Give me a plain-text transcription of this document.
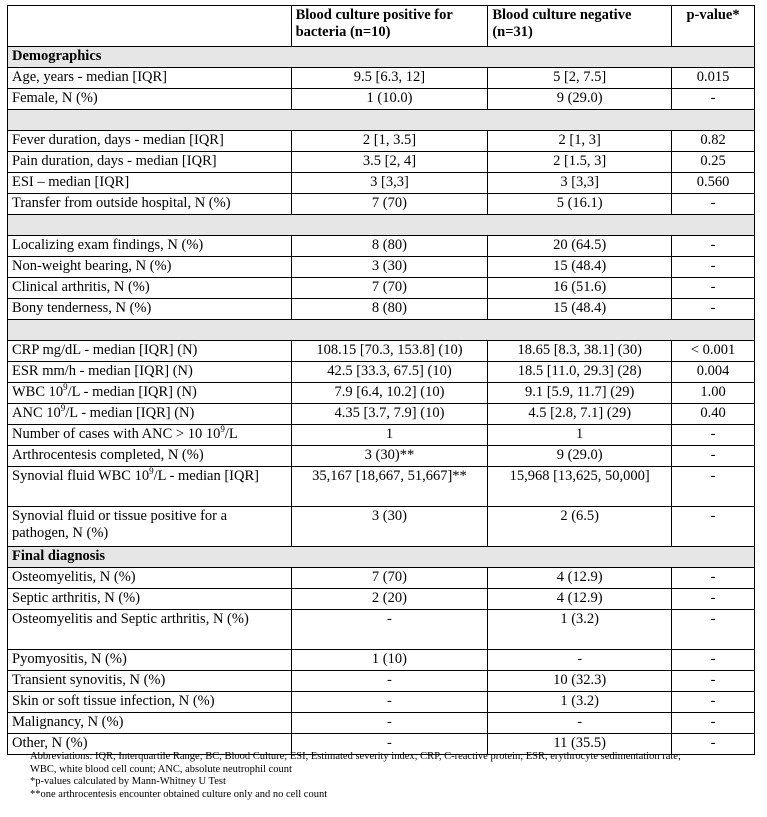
	Blood culture positive for bacteria (n=10)	Blood culture negative (n=31)	p-value*
Demographics			
Age, years - median [IQR]	9.5 [6.3, 12]	5 [2, 7.5]	0.015
Female, N (%)	1 (10.0)	9 (29.0)	-

Fever duration, days - median [IQR]	2 [1, 3.5]	2 [1, 3]	0.82
Pain duration, days - median [IQR]	3.5 [2, 4]	2 [1.5, 3]	0.25
ESI – median [IQR]	3 [3,3]	3 [3,3]	0.560
Transfer from outside hospital, N (%)	7 (70)	5 (16.1)	-

Localizing exam findings, N (%)	8 (80)	20 (64.5)	-
Non-weight bearing, N (%)	3 (30)	15 (48.4)	-
Clinical arthritis, N (%)	7 (70)	16 (51.6)	-
Bony tenderness, N (%)	8 (80)	15 (48.4)	-

CRP mg/dL - median [IQR] (N)	108.15 [70.3, 153.8] (10)	18.65 [8.3, 38.1] (30)	< 0.001
ESR mm/h - median [IQR] (N)	42.5 [33.3, 67.5] (10)	18.5 [11.0, 29.3] (28)	0.004
WBC $10^9/L$ - median [IQR] (N)	7.9 [6.4, 10.2] (10)	9.1 [5.9, 11.7] (29)	1.00
ANC $10^9/L$ - median [IQR] (N)	4.35 [3.7, 7.9] (10)	4.5 [2.8, 7.1] (29)	0.40
Number of cases with ANC > 10 $10^9/L$	1	1	-
Arthrocentesis completed, N (%)	3 (30)**	9 (29.0)	-
Synovial fluid WBC $10^9/L$ - median [IQR]	35,167 [18,667, 51,667]**	15,968 [13,625, 50,000]	-
Synovial fluid or tissue positive for a pathogen, N (%)	3 (30)	2 (6.5)	-
Final diagnosis			
Osteomyelitis, N (%)	7 (70)	4 (12.9)	-
Septic arthritis, N (%)	2 (20)	4 (12.9)	-
Osteomyelitis and Septic arthritis, N (%)	-	1 (3.2)	-
Pyomyositis, N (%)	1 (10)	-	-
Transient synovitis, N (%)	-	10 (32.3)	-
Skin or soft tissue infection, N (%)	-	1 (3.2)	-
Malignancy, N (%)	-	-	-
Other, N (%)	-	11 (35.5)	-
Abbreviations: IQR, Interquartile Range; BC, Blood Culture; ESI, Estimated severity index; CRP, C-reactive protein; ESR, erythrocyte sedimentation rate;
WBC, white blood cell count; ANC, absolute neutrophil count
*p-values calculated by Mann-Whitney U Test
**one arthrocentesis encounter obtained culture only and no cell count
